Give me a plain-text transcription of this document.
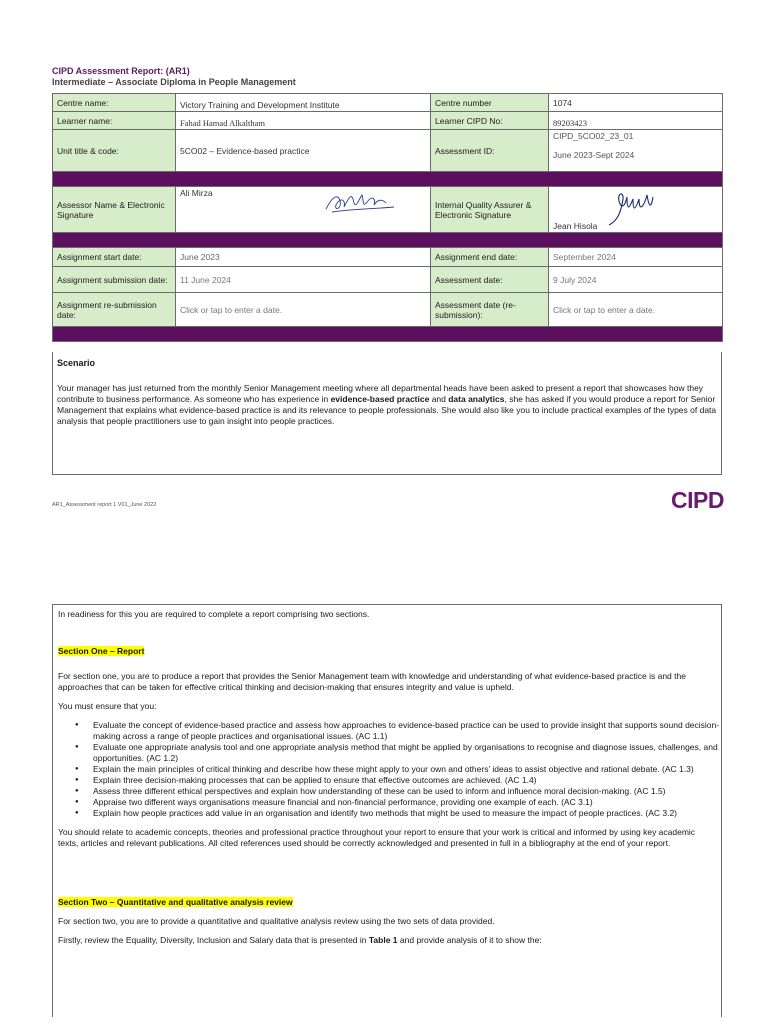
CIPD Assessment Report: (AR1)
Intermediate – Associate Diploma in People Management
Centre name:	Victory Training and Development Institute	Centre number	1074
Learner name:	Fahad Hamad Alkaltham	Learner CIPD No:	89203423
Unit title & code:	5CO02 – Evidence-based practice	Assessment ID:	CIPD_5CO02_23_01
June 2023-Sept 2024

Assessor Name & Electronic Signature	Ali Mirza	Internal Quality Assurer & Electronic Signature	Jean Hisola

Assignment start date:	June 2023	Assignment end date:	September 2024
Assignment submission date:	11 June 2024	Assessment date:	9 July 2024
Assignment re-submission date:	Click or tap to enter a date.	Assessment date (re-submission):	Click or tap to enter a date.

Scenario

Your manager has just returned from the monthly Senior Management meeting where all departmental heads have been asked to present a report that showcases how they contribute to business performance. As someone who has experience in evidence-based practice and data analytics, she has asked if you would produce a report for Senior Management that explains what evidence-based practice is and its relevance to people professionals. She would also like you to include practical examples of the types of data analysis that people practitioners use to gain insight into people practices.

AR1_Assessment report 1 V01_June 2022	CIPD

In readiness for this you are required to complete a report comprising two sections.

Section One – Report

For section one, you are to produce a report that provides the Senior Management team with knowledge and understanding of what evidence-based practice is and the approaches that can be taken for effective critical thinking and decision-making that ensures integrity and value is upheld.

You must ensure that you:

● Evaluate the concept of evidence-based practice and assess how approaches to evidence-based practice can be used to provide insight that supports sound decision-making across a range of people practices and organisational issues. (AC 1.1)
● Evaluate one appropriate analysis tool and one appropriate analysis method that might be applied by organisations to recognise and diagnose issues, challenges, and opportunities. (AC 1.2)
● Explain the main principles of critical thinking and describe how these might apply to your own and others’ ideas to assist objective and rational debate. (AC 1.3)
● Explain three decision-making processes that can be applied to ensure that effective outcomes are achieved. (AC 1.4)
● Assess three different ethical perspectives and explain how understanding of these can be used to inform and influence moral decision-making. (AC 1.5)
● Appraise two different ways organisations measure financial and non-financial performance, providing one example of each. (AC 3.1)
● Explain how people practices add value in an organisation and identify two methods that might be used to measure the impact of people practices. (AC 3.2)

You should relate to academic concepts, theories and professional practice throughout your report to ensure that your work is critical and informed by using key academic texts, articles and relevant publications. All cited references used should be correctly acknowledged and presented in full in a bibliography at the end of your report.

Section Two – Quantitative and qualitative analysis review

For section two, you are to provide a quantitative and qualitative analysis review using the two sets of data provided.

Firstly, review the Equality, Diversity, Inclusion and Salary data that is presented in Table 1 and provide analysis of it to show the:
